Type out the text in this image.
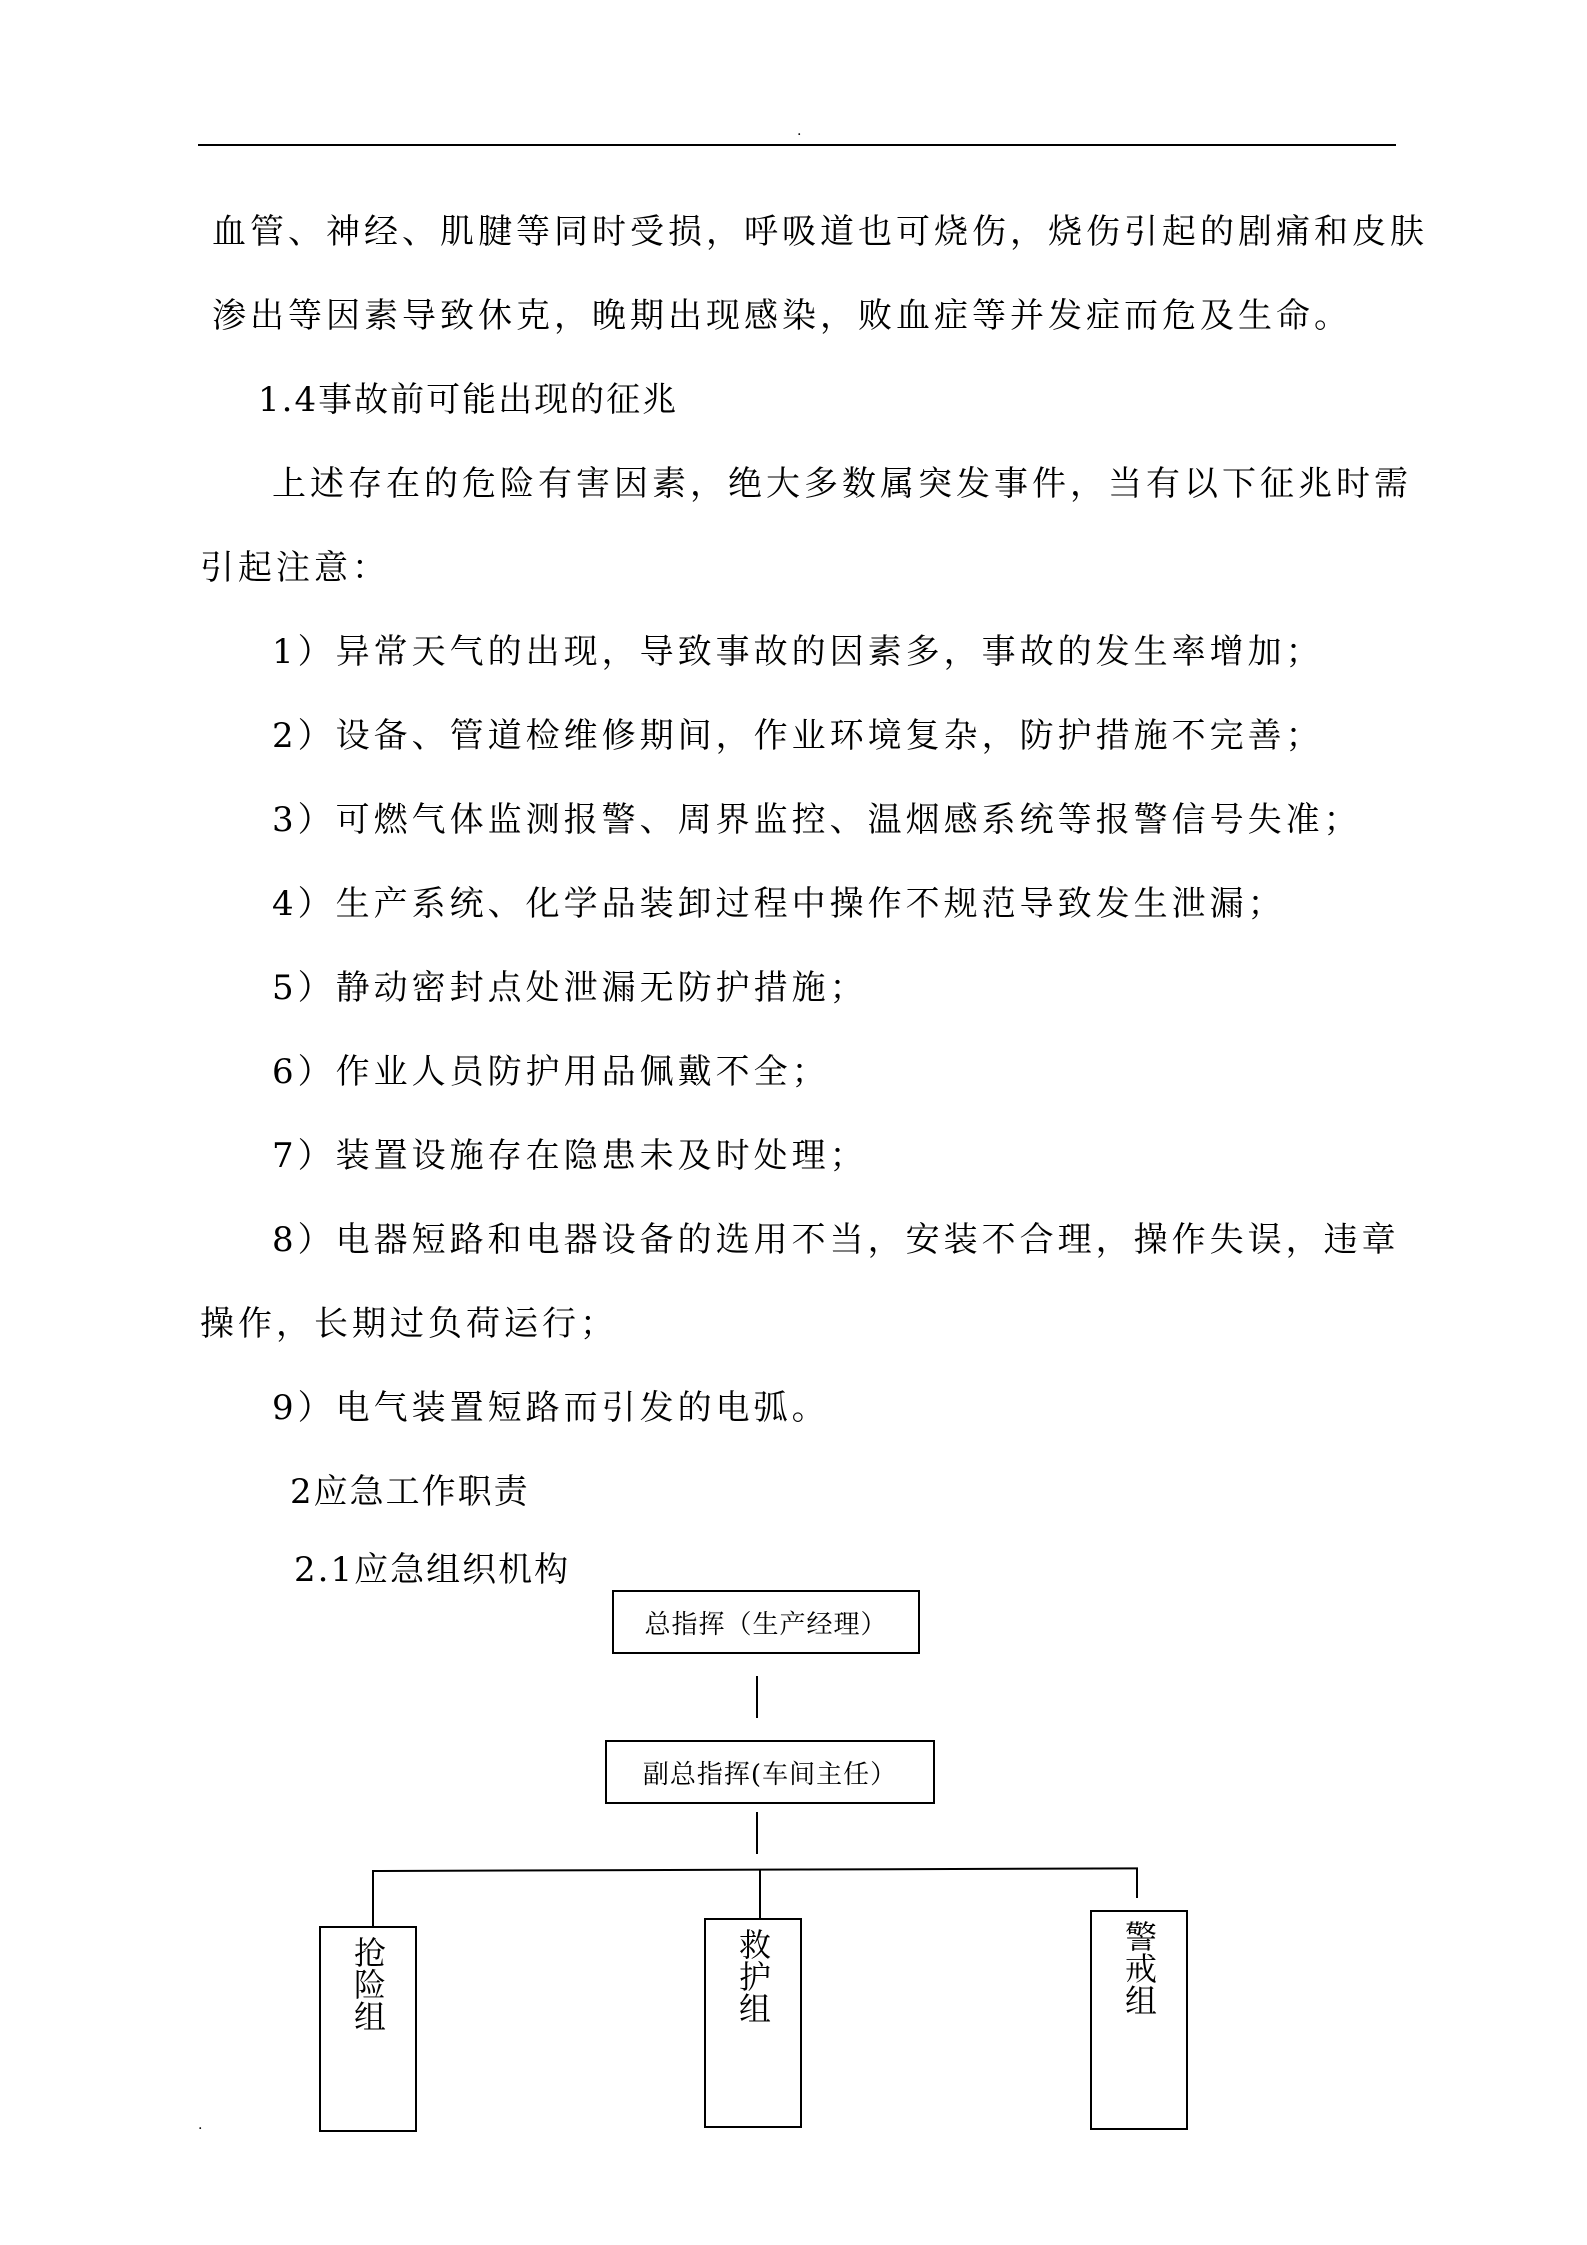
.
血管、神经、肌腱等同时受损，呼吸道也可烧伤，烧伤引起的剧痛和皮肤
渗出等因素导致休克，晚期出现感染，败血症等并发症而危及生命。
1.4事故前可能出现的征兆
上述存在的危险有害因素，绝大多数属突发事件，当有以下征兆时需
引起注意：
1）异常天气的出现，导致事故的因素多，事故的发生率增加；
2）设备、管道检维修期间，作业环境复杂，防护措施不完善；
3）可燃气体监测报警、周界监控、温烟感系统等报警信号失准；
4）生产系统、化学品装卸过程中操作不规范导致发生泄漏；
5）静动密封点处泄漏无防护措施；
6）作业人员防护用品佩戴不全；
7）装置设施存在隐患未及时处理；
8）电器短路和电器设备的选用不当，安装不合理，操作失误，违章
操作，长期过负荷运行；
9）电气装置短路而引发的电弧。
2应急工作职责
2.1应急组织机构
总指挥（生产经理）
副总指挥(车间主任）
抢险组	救护组	警戒组
.
